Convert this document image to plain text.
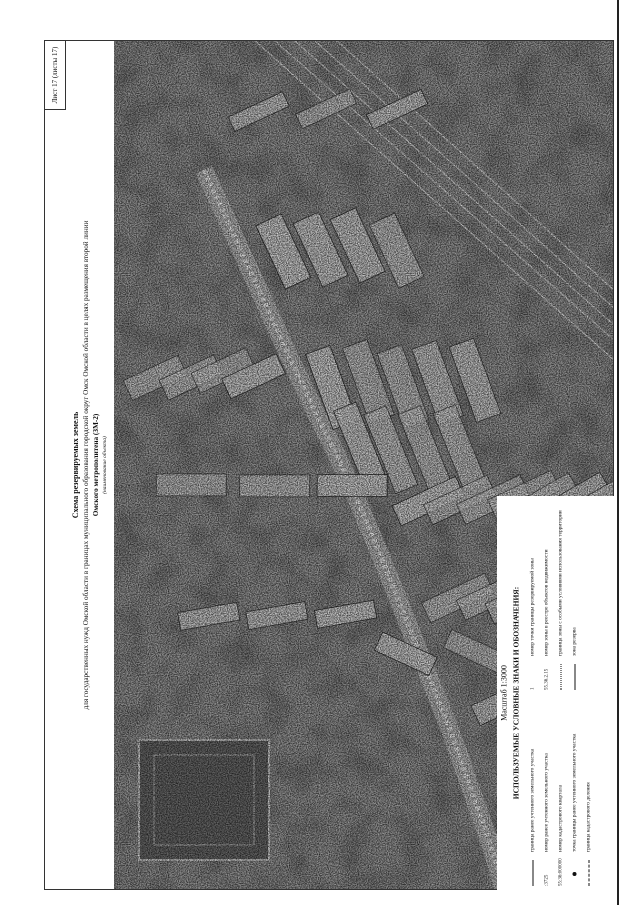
Лист 17 (листы 17)
Схема резервируемых земель для государственных нужд Омской области в границах муниципального образования городской округ Омск Омской области в целях размещения второй линии Омского метрополитена (ЗМ-2) (наименование объекта)
Масштаб 1:3000 ИСПОЛЬЗУЕМЫЕ УСЛОВНЫЕ ЗНАКИ И ОБОЗНАЧЕНИЯ:
граница ранее учтенного земельного участка
:3725
номер ранее учтенного земельного участка
55:36:000000
номер кадастрового квартала точка границы ранее учтенного земельного участка граница кадастрового деления
1
номер точки границы резервируемой зоны
55.36.2.15
номер зоны в реестре объектов недвижимости граница зоны с особыми условиями использования территории зона резерва
